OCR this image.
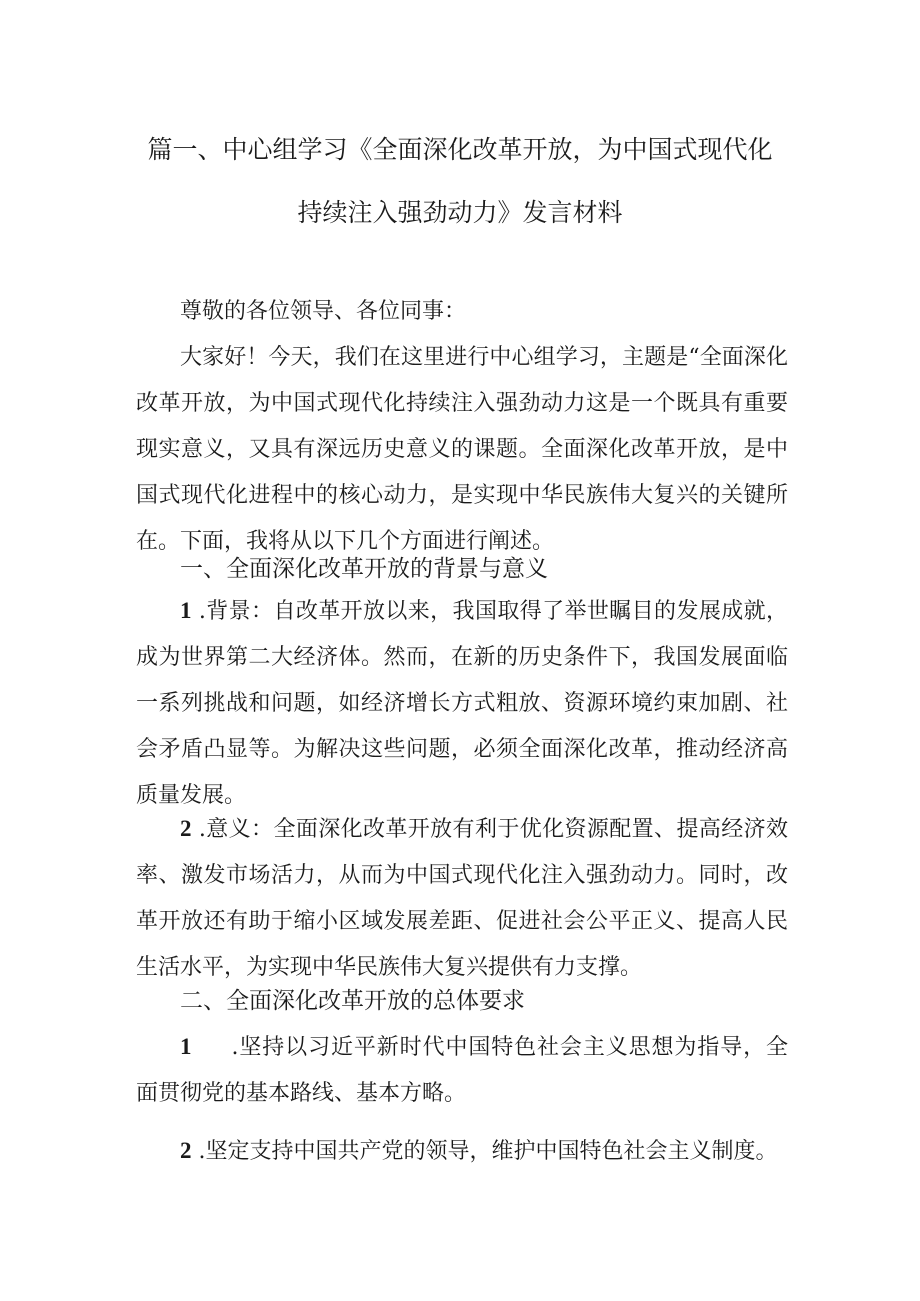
篇一、中心组学习《全面深化改革开放，为中国式现代化
持续注入强劲动力》发言材料

尊敬的各位领导、各位同事：

大家好！今天，我们在这里进行中心组学习，主题是“全面深化改革开放，为中国式现代化持续注入强劲动力这是一个既具有重要现实意义，又具有深远历史意义的课题。全面深化改革开放，是中国式现代化进程中的核心动力，是实现中华民族伟大复兴的关键所在。下面，我将从以下几个方面进行阐述。

一、全面深化改革开放的背景与意义

1 .背景：自改革开放以来，我国取得了举世瞩目的发展成就，成为世界第二大经济体。然而，在新的历史条件下，我国发展面临一系列挑战和问题，如经济增长方式粗放、资源环境约束加剧、社会矛盾凸显等。为解决这些问题，必须全面深化改革，推动经济高质量发展。

2 .意义：全面深化改革开放有利于优化资源配置、提高经济效率、激发市场活力，从而为中国式现代化注入强劲动力。同时，改革开放还有助于缩小区域发展差距、促进社会公平正义、提高人民生活水平，为实现中华民族伟大复兴提供有力支撑。

二、全面深化改革开放的总体要求

1 .坚持以习近平新时代中国特色社会主义思想为指导，全面贯彻党的基本路线、基本方略。

2 .坚定支持中国共产党的领导，维护中国特色社会主义制度。
